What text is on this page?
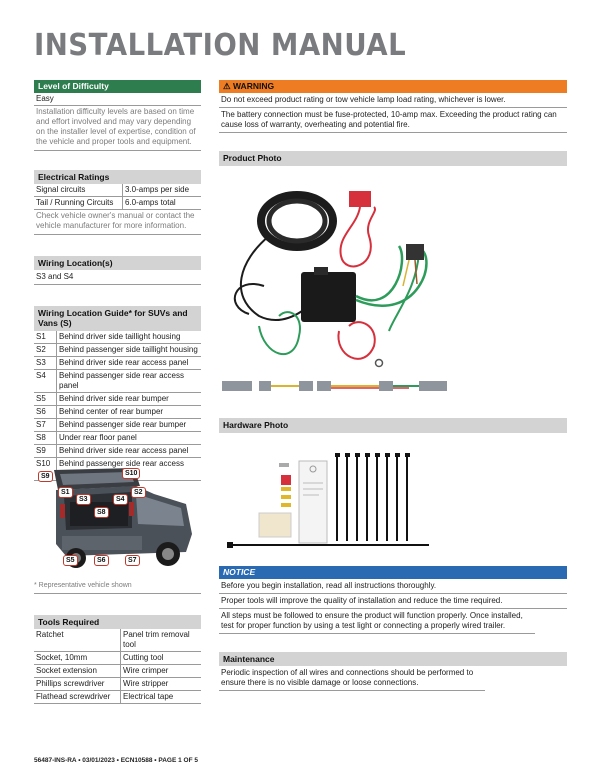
INSTALLATION MANUAL
Level of Difficulty
Easy
Installation difficulty levels are based on time and effort involved and may vary depending on the installer level of expertise, condition of the vehicle and proper tools and equipment.
Electrical Ratings
Signal circuits	3.0-amps per side
Tail / Running Circuits	6.0-amps total
Check vehicle owner's manual or contact the vehicle manufacturer for more information.
Wiring Location(s)
S3 and S4
Wiring Location Guide* for SUVs and Vans (S)
S1	Behind driver side taillight housing
S2	Behind passenger side taillight housing
S3	Behind driver side rear access panel
S4	Behind passenger side rear access panel
S5	Behind driver side rear bumper
S6	Behind center of rear bumper
S7	Behind passenger side rear bumper
S8	Under rear floor panel
S9	Behind driver side rear access panel
S10	Behind passenger side rear access
S9	S10
S1	S2
S3	S4
S8
S5	S6	S7
* Representative vehicle shown
Tools Required
Ratchet	Panel trim removal tool
Socket, 10mm	Cutting tool
Socket extension	Wire crimper
Phillips screwdriver	Wire stripper
Flathead screwdriver	Electrical tape
⚠ WARNING
Do not exceed product rating or tow vehicle lamp load rating, whichever is lower.
The battery connection must be fuse-protected, 10-amp max. Exceeding the product rating can cause loss of warranty, overheating and potential fire.
Product Photo
Hardware Photo
NOTICE
Before you begin installation, read all instructions thoroughly.
Proper tools will improve the quality of installation and reduce the time required.
All steps must be followed to ensure the product will function properly. Once installed, test for proper function by using a test light or connecting a properly wired trailer.
Maintenance
Periodic inspection of all wires and connections should be performed to ensure there is no visible damage or loose connections.
56487-INS-RA • 03/01/2023 • ECN10588 • PAGE 1 OF 5
